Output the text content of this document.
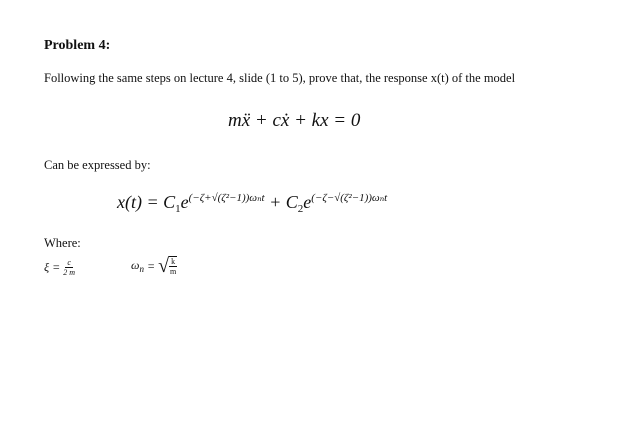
Problem 4:
Following the same steps on lecture 4, slide (1 to 5), prove that, the response x(t) of the model
mẍ + cẋ + kx = 0
Can be expressed by:
$x(t) = C_1e^{(-\zeta+√(\zeta^2-1))\omega_nt} + C_2e^{(-\zeta-√(\zeta^2-1))\omega_nt}$
Where:
$\xi = \frac{c}{2 m}$	$\omega_n$ = √ $\frac{k}{m}$
